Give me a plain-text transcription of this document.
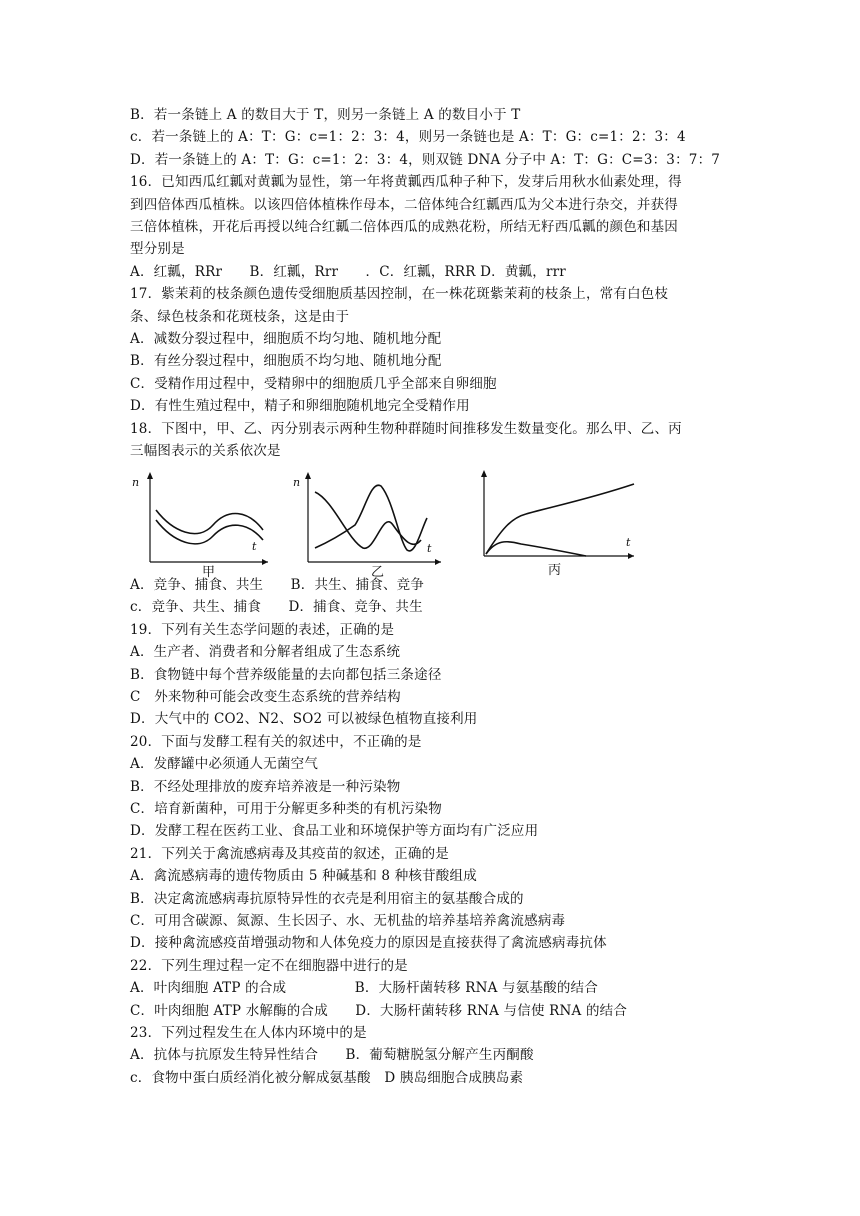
B．若一条链上 A 的数目大于 T，则另一条链上 A 的数目小于 T
c．若一条链上的 A：T：G：c=1：2：3：4，则另一条链也是 A：T：G：c=1：2：3：4
D．若一条链上的 A：T：G：c=1：2：3：4，则双链 DNA 分子中 A：T：G：C=3：3：7：7
16．已知西瓜红瓤对黄瓤为显性，第一年将黄瓤西瓜种子种下，发芽后用秋水仙素处理，得
到四倍体西瓜植株。以该四倍体植株作母本，二倍体纯合红瓤西瓜为父本进行杂交，并获得
三倍体植株，开花后再授以纯合红瓤二倍体西瓜的成熟花粉，所结无籽西瓜瓤的颜色和基因
型分别是
A．红瓤，RRr　　B．红瓤，Rrr　　．C．红瓤，RRR D．黄瓤，rrr
17．紫茉莉的枝条颜色遗传受细胞质基因控制，在一株花斑紫茉莉的枝条上，常有白色枝
条、绿色枝条和花斑枝条，这是由于
A．减数分裂过程中，细胞质不均匀地、随机地分配
B．有丝分裂过程中，细胞质不均匀地、随机地分配
C．受精作用过程中，受精卵中的细胞质几乎全部来自卵细胞
D．有性生殖过程中，精子和卵细胞随机地完全受精作用
18．下图中，甲、乙、丙分别表示两种生物种群随时间推移发生数量变化。那么甲、乙、丙
三幅图表示的关系依次是
A．竞争、捕食、共生　　B．共生、捕食、竞争
c．竞争、共生、捕食　　D．捕食、竞争、共生
19．下列有关生态学问题的表述，正确的是
A．生产者、消费者和分解者组成了生态系统
B．食物链中每个营养级能量的去向都包括三条途径
C　外来物种可能会改变生态系统的营养结构
D．大气中的 CO2、N2、SO2 可以被绿色植物直接利用
20．下面与发酵工程有关的叙述中，不正确的是
A．发酵罐中必须通人无菌空气
B．不经处理排放的废弃培养液是一种污染物
C．培育新菌种，可用于分解更多种类的有机污染物
D．发酵工程在医药工业、食品工业和环境保护等方面均有广泛应用
21．下列关于禽流感病毒及其疫苗的叙述，正确的是
A．禽流感病毒的遗传物质由 5 种碱基和 8 种核苷酸组成
B．决定禽流感病毒抗原特异性的衣壳是利用宿主的氨基酸合成的
C．可用含碳源、氮源、生长因子、水、无机盐的培养基培养禽流感病毒
D．接种禽流感疫苗增强动物和人体免疫力的原因是直接获得了禽流感病毒抗体
22．下列生理过程一定不在细胞器中进行的是
A．叶肉细胞 ATP 的合成　　　　　B．大肠杆菌转移 RNA 与氨基酸的结合
C．叶肉细胞 ATP 水解酶的合成　　D．大肠杆菌转移 RNA 与信使 RNA 的结合
23．下列过程发生在人体内环境中的是
A．抗体与抗原发生特异性结合　　B．葡萄糖脱氢分解产生丙酮酸
c．食物中蛋白质经消化被分解成氨基酸　D 胰岛细胞合成胰岛素
n
t
甲
n
t
乙
t
丙
